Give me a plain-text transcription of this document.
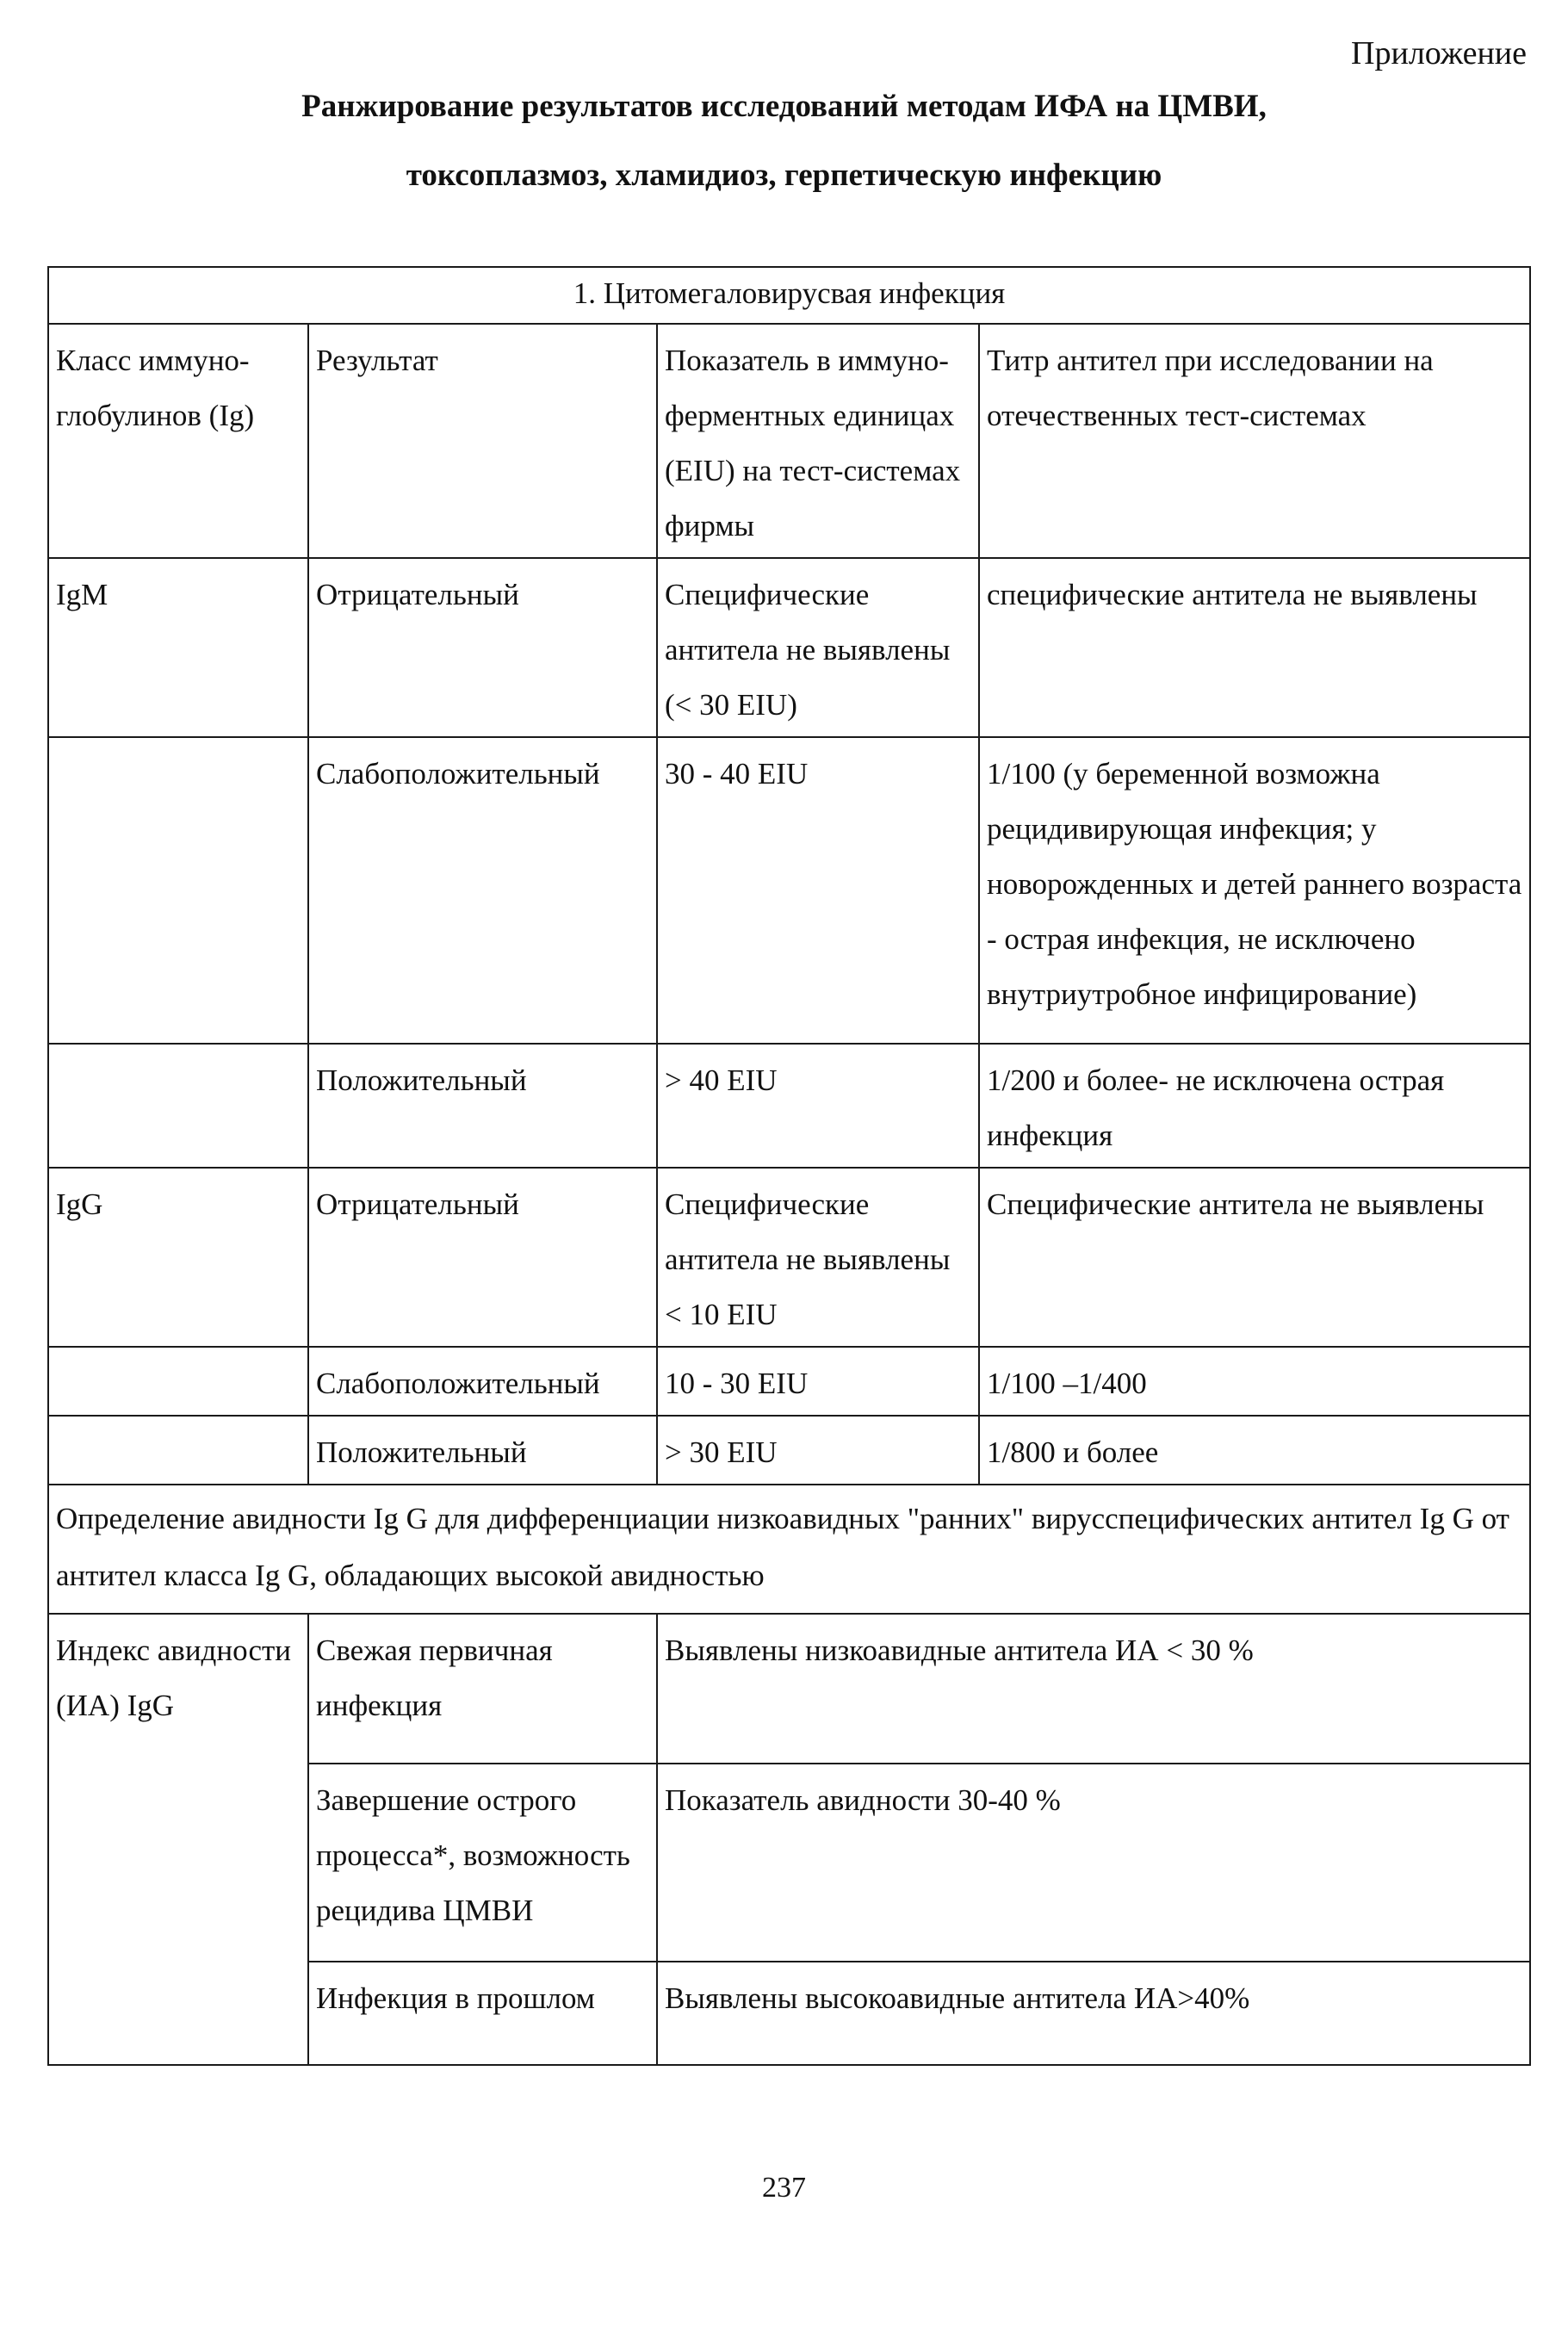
Приложение
Ранжирование результатов исследований методам ИФА на ЦМВИ,
токсоплазмоз, хламидиоз, герпетическую инфекцию
1. Цитомегаловирусвая инфекция			
Класс иммуно-глобулинов (Ig)	Результат	Показатель в иммуно-ферментных единицах (EIU) на тест-системах фирмы	Титр антител при исследовании на отечественных тест-системах
IgM	Отрицательный	Специфические антитела не выявлены (< 30 EIU)	специфические антитела не выявлены
	Слабоположительный	30 - 40 EIU	1/100 (у беременной возможна рецидивирующая инфекция; у новорожденных и детей раннего возраста - острая инфекция, не исключено внутриутробное инфицирование)
	Положительный	> 40 EIU	1/200 и более- не исключена острая инфекция
IgG	Отрицательный	Специфические антитела не выявлены < 10 EIU	Специфические антитела не выявлены
	Слабоположительный	10 - 30 EIU	1/100 –1/400
	Положительный	> 30 EIU	1/800 и более
Определение авидности Ig G для дифференциации низкоавидных "ранних" вирусспецифических антител Ig G от антител класса Ig G, обладающих высокой авидностью			
Индекс авидности (ИА) IgG	Свежая первичная инфекция	Выявлены низкоавидные антитела ИА < 30 %	
	Завершение острого процесса*, возможность рецидива ЦМВИ	Показатель авидности 30-40 %	
	Инфекция в прошлом	Выявлены высокоавидные антитела ИА>40%	
237
